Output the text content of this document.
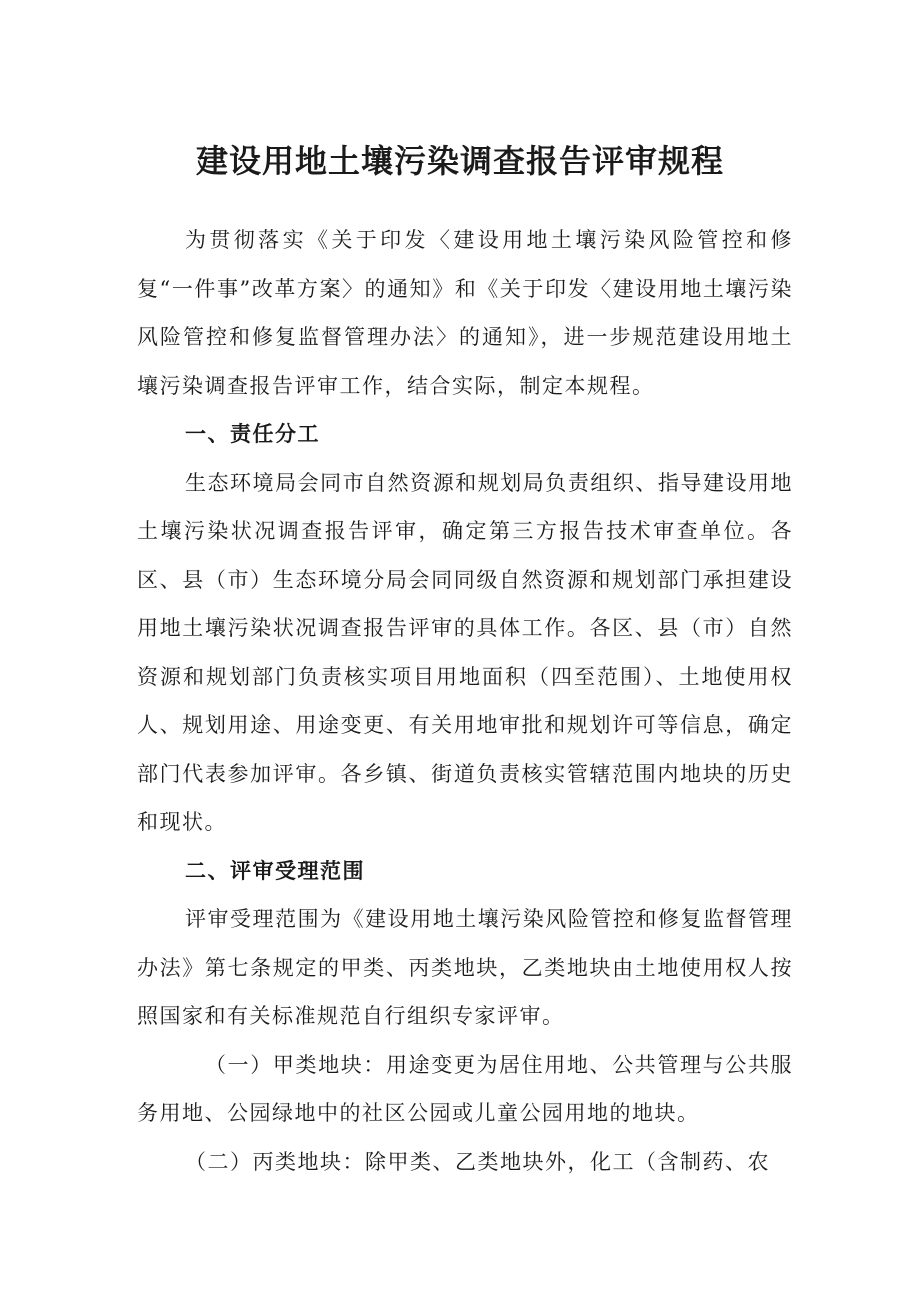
建设用地土壤污染调查报告评审规程

为贯彻落实《关于印发〈建设用地土壤污染风险管控和修复“一件事”改革方案〉的通知》和《关于印发〈建设用地土壤污染风险管控和修复监督管理办法〉的通知》，进一步规范建设用地土壤污染调查报告评审工作，结合实际，制定本规程。

一、责任分工

生态环境局会同市自然资源和规划局负责组织、指导建设用地土壤污染状况调查报告评审，确定第三方报告技术审查单位。各区、县（市）生态环境分局会同同级自然资源和规划部门承担建设用地土壤污染状况调查报告评审的具体工作。各区、县（市）自然资源和规划部门负责核实项目用地面积（四至范围）、土地使用权人、规划用途、用途变更、有关用地审批和规划许可等信息，确定部门代表参加评审。各乡镇、街道负责核实管辖范围内地块的历史和现状。

二、评审受理范围

评审受理范围为《建设用地土壤污染风险管控和修复监督管理办法》第七条规定的甲类、丙类地块，乙类地块由土地使用权人按照国家和有关标准规范自行组织专家评审。

（一）甲类地块：用途变更为居住用地、公共管理与公共服务用地、公园绿地中的社区公园或儿童公园用地的地块。

（二）丙类地块：除甲类、乙类地块外，化工（含制药、农
